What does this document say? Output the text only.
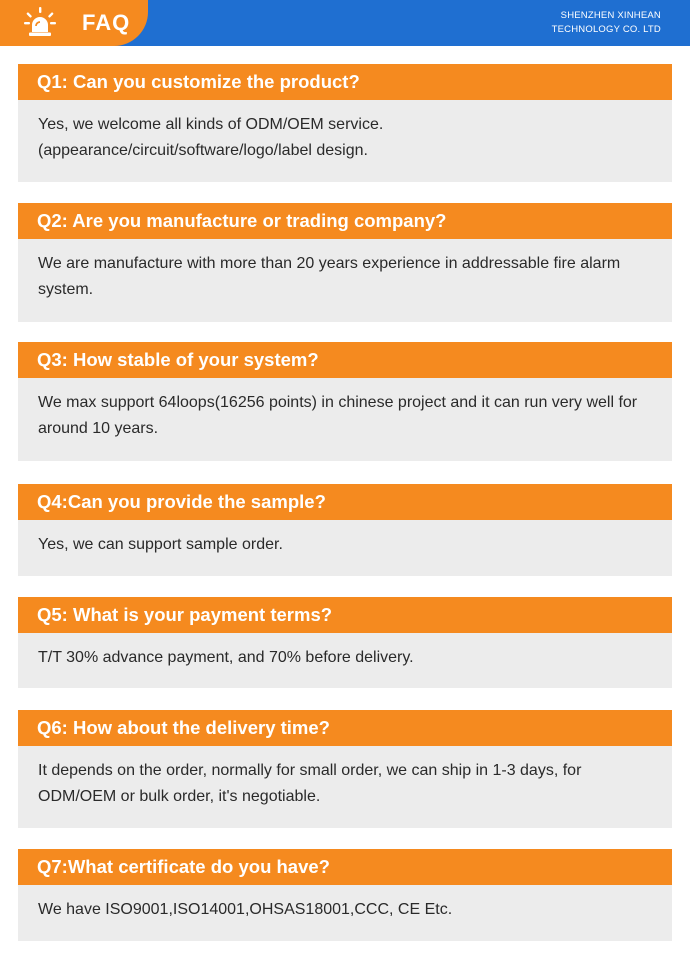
FAQ	SHENZHEN XINHEAN
TECHNOLOGY CO. LTD
Q1: Can you customize the product?
Yes, we welcome all kinds of ODM/OEM service.(appearance/circuit/software/logo/label design.
Q2: Are you manufacture or trading company?
We are manufacture with more than 20 years experience in addressable fire alarm system.
Q3: How stable of your system?
We max support 64loops(16256 points) in chinese project and it can run very well for around 10 years.
Q4:Can you provide the sample?
Yes, we can support sample order.
Q5: What is your payment terms?
T/T 30% advance payment, and 70% before delivery.
Q6: How about the delivery time?
It depends on the order, normally for small order, we can ship in 1-3 days, for ODM/OEM or bulk order, it's negotiable.
Q7:What certificate do you have?
We have ISO9001,ISO14001,OHSAS18001,CCC, CE Etc.
